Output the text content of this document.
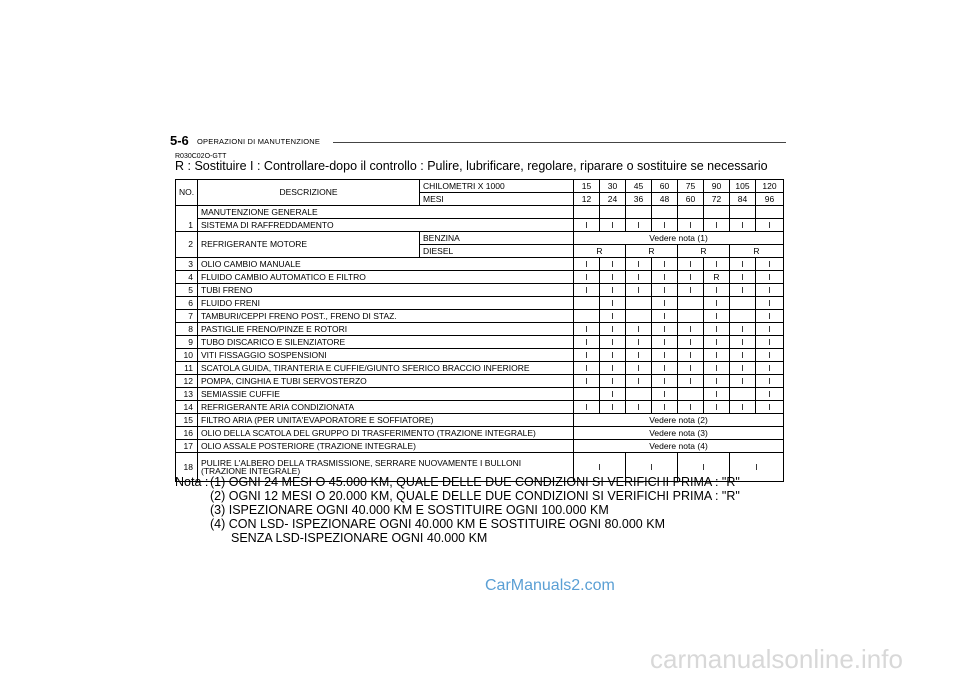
5-6 OPERAZIONI DI MANUTENZIONE
R030C02O-GTT
R : Sostituire I : Controllare-dopo il controllo : Pulire, lubrificare, regolare, riparare o sostituire se necessario
NO.	DESCRIZIONE	CHILOMETRI X 1000	15	30	45	60	75	90	105	120
		MESI	12	24	36	48	60	72	84	96
	MANUTENZIONE GENERALE									
1	SISTEMA DI RAFFREDDAMENTO		I	I	I	I	I	I	I	I
2	REFRIGERANTE MOTORE	BENZINA	Vedere nota (1)							
		DIESEL	R		R		R		R	
3	OLIO CAMBIO MANUALE		I	I	I	I	I	I	I	I
4	FLUIDO CAMBIO AUTOMATICO E FILTRO		I	I	I	I	I	R	I	I
5	TUBI FRENO		I	I	I	I	I	I	I	I
6	FLUIDO FRENI			I		I		I		I
7	TAMBURI/CEPPI FRENO POST., FRENO DI STAZ.			I		I		I		I
8	PASTIGLIE FRENO/PINZE E ROTORI		I	I	I	I	I	I	I	I
9	TUBO DISCARICO E SILENZIATORE		I	I	I	I	I	I	I	I
10	VITI FISSAGGIO SOSPENSIONI		I	I	I	I	I	I	I	I
11	SCATOLA GUIDA, TIRANTERIA E CUFFIE/GIUNTO SFERICO BRACCIO INFERIORE		I	I	I	I	I	I	I	I
12	POMPA, CINGHIA E TUBI SERVOSTERZO		I	I	I	I	I	I	I	I
13	SEMIASSIE CUFFIE			I		I		I		I
14	REFRIGERANTE ARIA CONDIZIONATA		I	I	I	I	I	I	I	I
15	FILTRO ARIA (PER UNITA'EVAPORATORE E SOFFIATORE)		Vedere nota (2)							
16	OLIO DELLA SCATOLA DEL GRUPPO DI TRASFERIMENTO (TRAZIONE INTEGRALE)		Vedere nota (3)							
17	OLIO ASSALE POSTERIORE (TRAZIONE INTEGRALE)		Vedere nota (4)							
18	PULIRE L'ALBERO DELLA TRASMISSIONE, SERRARE NUOVAMENTE I BULLONI
(TRAZIONE INTEGRALE)		I		I		I		I	
Nota : (1) OGNI 24 MESI O 45.000 KM, QUALE DELLE DUE CONDIZIONI SI VERIFICHI PRIMA : "R"
(2) OGNI 12 MESI O 20.000 KM, QUALE DELLE DUE CONDIZIONI SI VERIFICHI PRIMA : "R"
(3) ISPEZIONARE OGNI 40.000 KM E SOSTITUIRE OGNI 100.000 KM
(4) CON LSD- ISPEZIONARE OGNI 40.000 KM E SOSTITUIRE OGNI 80.000 KM
SENZA LSD-ISPEZIONARE OGNI 40.000 KM
CarManuals2.com
carmanualsonline.info
